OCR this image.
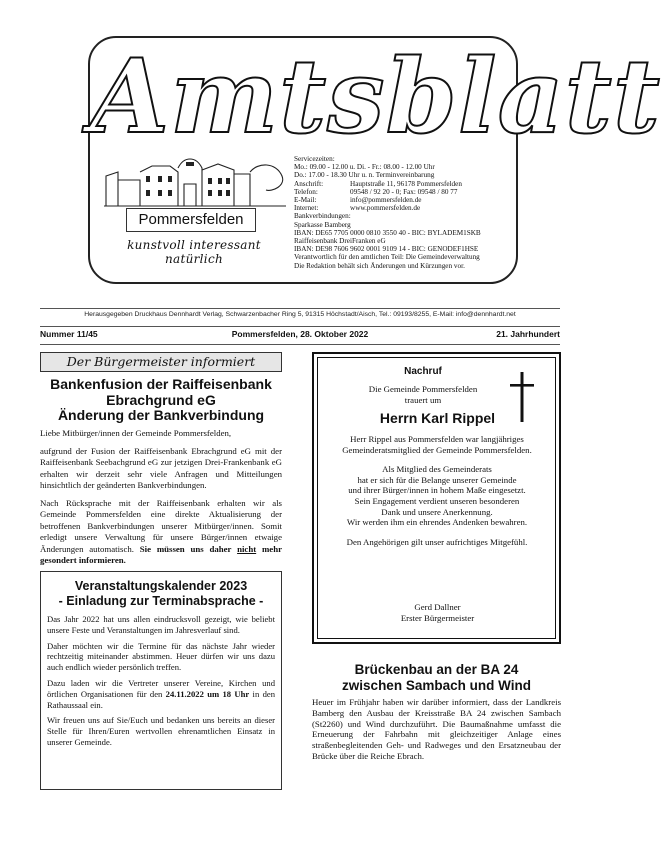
Amtsblatt
Pommersfelden
kunstvoll interessant natürlich
Servicezeiten:
Mo.: 09.00 - 12.00 u. Di. - Fr.: 08.00 - 12.00 Uhr
Do.: 17.00 - 18.30 Uhr u. n. Terminvereinbarung
Anschrift:	Hauptstraße 11, 96178 Pommersfelden
Telefon:	09548 / 92 20 - 0; Fax: 09548 / 80 77
E-Mail:	info@pommersfelden.de
Internet:	www.pommersfelden.de
Bankverbindungen:
Sparkasse Bamberg
IBAN: DE65 7705 0000 0810 3550 40 - BIC: BYLADEM1SKB
Raiffeisenbank DreiFranken eG
IBAN: DE98 7606 9602 0001 9109 14 - BIC: GENODEF1HSE
Verantwortlich für den amtlichen Teil: Die Gemeindeverwaltung
Die Redaktion behält sich Änderungen und Kürzungen vor.
Herausgegeben Druckhaus Dennhardt Verlag, Schwarzenbacher Ring 5, 91315 Höchstadt/Aisch, Tel.: 09193/8255, E-Mail: info@dennhardt.net
Nummer 11/45	Pommersfelden, 28. Oktober 2022	21. Jahrhundert
Der Bürgermeister informiert
Bankenfusion der Raiffeisenbank
Ebrachgrund eG
Änderung der Bankverbindung

Liebe Mitbürger/innen der Gemeinde Pommersfelden,

aufgrund der Fusion der Raiffeisenbank Ebrachgrund eG mit der Raiffeisenbank Seebachgrund eG zur jetzigen Drei-Frankenbank eG erhalten wir derzeit sehr viele Anfragen und Mitteilungen hinsichtlich der geänderten Bankverbindungen.

Nach Rücksprache mit der Raiffeisenbank erhalten wir als Gemeinde Pommersfelden eine direkte Aktualisierung der betroffenen Bankverbindungen unserer Mitbürger/innen. Somit erledigt unsere Verwaltung für unsere Bürger/innen etwaige Änderungen automatisch. Sie müssen uns daher nicht mehr gesondert informieren.

Veranstaltungskalender 2023
- Einladung zur Terminabsprache -

Das Jahr 2022 hat uns allen eindrucksvoll gezeigt, wie beliebt unsere Feste und Veranstaltungen im Jahresverlauf sind.

Daher möchten wir die Termine für das nächste Jahr wieder rechtzeitig miteinander abstimmen. Heuer dürfen wir uns dazu auch endlich wieder persönlich treffen.

Dazu laden wir die Vertreter unserer Vereine, Kirchen und örtlichen Organisationen für den 24.11.2022 um 18 Uhr in den Rathaussaal ein.

Wir freuen uns auf Sie/Euch und bedanken uns bereits an dieser Stelle für Ihren/Euren wertvollen ehrenamtlichen Einsatz in unserer Gemeinde.

Nachruf
Die Gemeinde Pommersfelden
trauert um
Herrn Karl Rippel

Herr Rippel aus Pommersfelden war langjähriges Gemeinderatsmitglied der Gemeinde Pommersfelden.

Als Mitglied des Gemeinderats
hat er sich für die Belange unserer Gemeinde
und ihrer Bürger/innen in hohem Maße eingesetzt.
Sein Engagement verdient unseren besonderen
Dank und unsere Anerkennung.
Wir werden ihm ein ehrendes Andenken bewahren.

Den Angehörigen gilt unser aufrichtiges Mitgefühl.

Gerd Dallner
Erster Bürgermeister
Brückenbau an der BA 24
zwischen Sambach und Wind
Heuer im Frühjahr haben wir darüber informiert, dass der Landkreis Bamberg den Ausbau der Kreisstraße BA 24 zwischen Sambach (St2260) und Wind durchzuführt. Die Baumaßnahme umfasst die Erneuerung der Fahrbahn mit gleichzeitiger Anlage eines straßenbegleitenden Geh- und Radweges und den Ersatzneubau der Brücke über die Reiche Ebrach.
